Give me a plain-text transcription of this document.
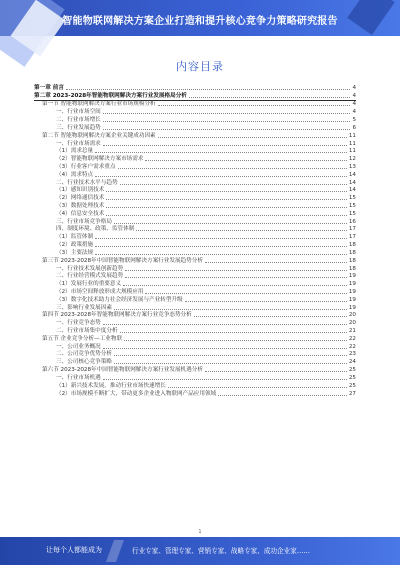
智能物联网解决方案企业打造和提升核心竞争力策略研究报告
内容目录
第一章 前言	4
第二章 2023-2028年智能物联网解决方案行业发展格局分析	4
第一节 智能物联网解决方案行业市场规模分析	4
一、行业市场空间	4
二、行业市场增长	5
三、行业发展趋势	6
第二节 智能物联网解决方案企业关键成功因素	11
一、行业市场需求	11
（1）需求总量	11
（2）智能物联网解决方案市场需求	12
（3）行业客户需求重点	13
（4）需求特点	14
二、行业技术水平与趋势	14
（1）感知识别技术	14
（2）网络通信技术	15
（3）数据处理技术	15
（4）信息安全技术	15
三、行业市场竞争格局	16
四、制度环境、政策、监管体制	17
（1）监管体制	17
（2）政策措施	18
（3）主要法规	18
第三节 2023-2028年中国智能物联网解决方案行业发展趋势分析	18
一、行业技术发展创新趋势	18
二、行业经营模式发展趋势	19
（1）发展行业的重要意义	19
（2）市场空间释放形成大规模应用	19
（3）数字化技术助力社会经济发展与产业转型升级	19
三、影响行业发展因素	19
第四节 2023-2028年智能物联网解决方案行业竞争态势分析	20
一、行业竞争态势	20
二、行业市场集中度分析	21
第五节 企业竞争分析—工业物联	22
一、公司业务概况	22
二、公司竞争优势分析	23
三、公司核心竞争策略	24
第六节 2023-2028年中国智能物联网解决方案行业发展机遇分析	25
一、行业市场机遇	25
（1）新兴技术发展，推动行业市场快速增长	25
（2）市场规模不断扩大，带动更多企业进入物联网产品应用领域	27
1
让每个人都能成为	行业专家、管理专家、营销专家、战略专家、成功企业家……
